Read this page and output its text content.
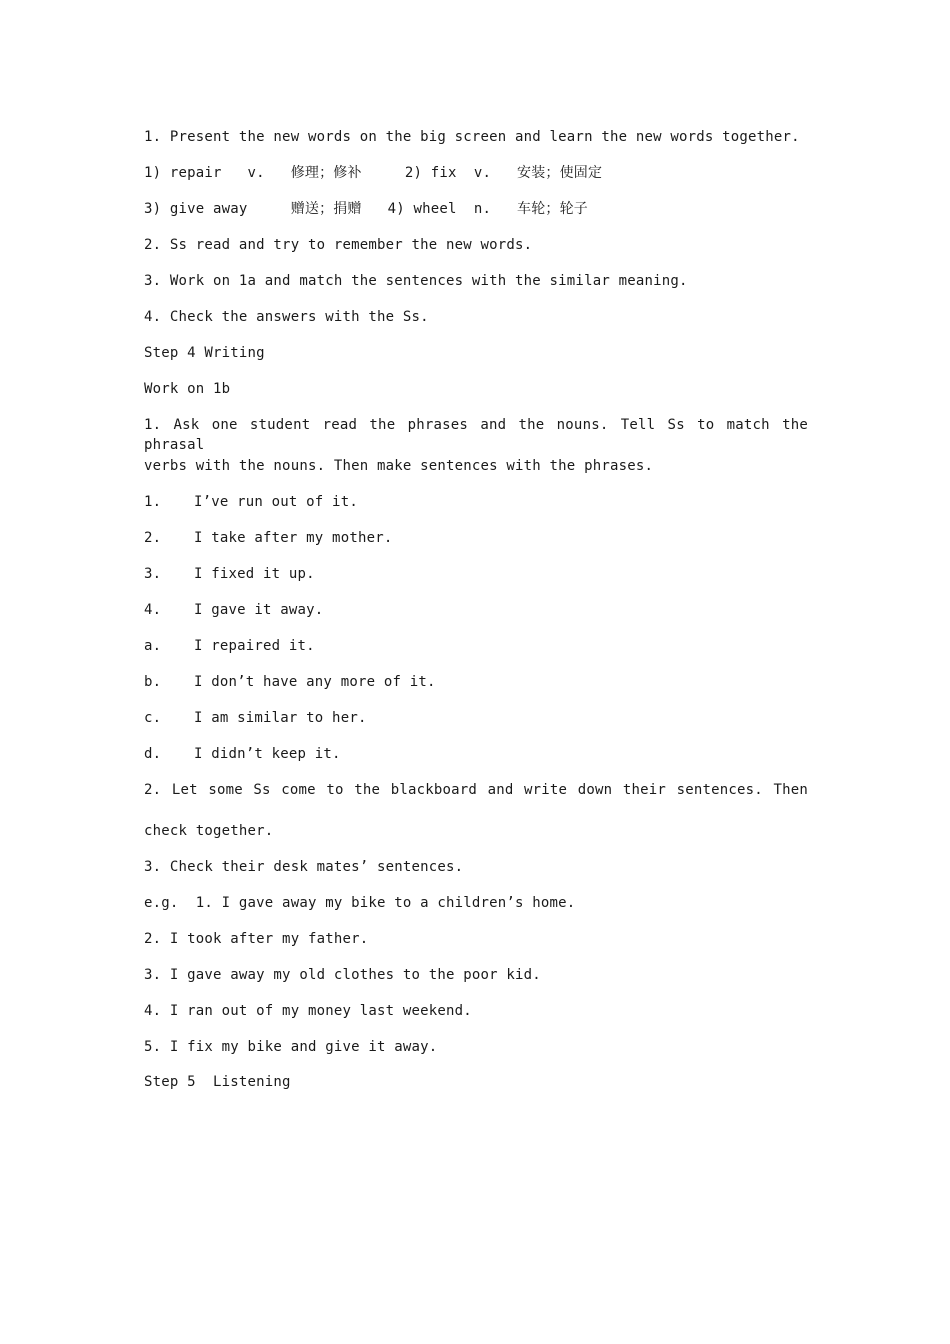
1. Present the new words on the big screen and learn the new words together.
1) repair   v.   修理；修补     2) fix  v.   安装；使固定
3) give away     赠送；捐赠   4) wheel  n.   车轮；轮子
2. Ss read and try to remember the new words.
3. Work on 1a and match the sentences with the similar meaning.
4. Check the answers with the Ss.
Step 4 Writing
Work on 1b
1. Ask one student read the phrases and the nouns. Tell Ss to match the phrasal
verbs with the nouns. Then make sentences with the phrases.
1. I’ve run out of it.
2. I take after my mother.
3. I fixed it up.
4. I gave it away.
a. I repaired it.
b. I don’t have any more of it.
c. I am similar to her.
d. I didn’t keep it.
2. Let some Ss come to the blackboard and write down their sentences. Then
check together.
3. Check their desk mates’ sentences.
e.g.  1. I gave away my bike to a children’s home.
2. I took after my father.
3. I gave away my old clothes to the poor kid.
4. I ran out of my money last weekend.
5. I fix my bike and give it away.
Step 5  Listening
